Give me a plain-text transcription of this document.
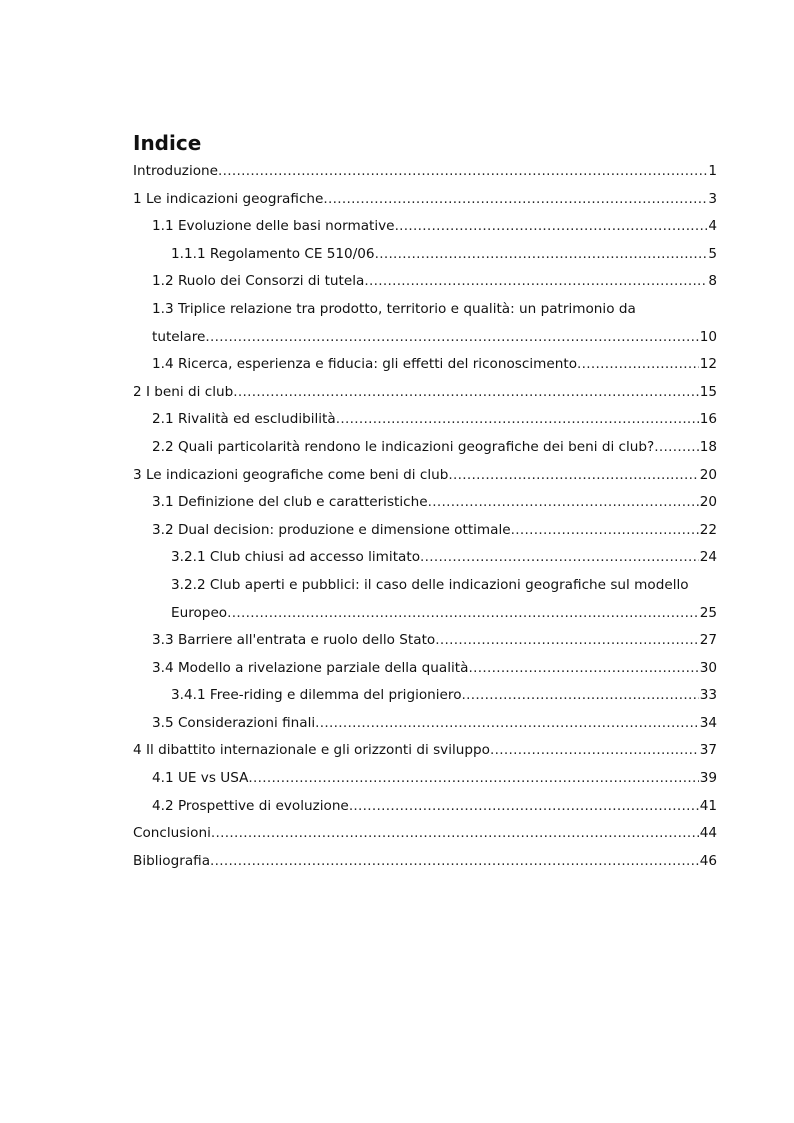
Indice
Introduzione .....	1
1 Le indicazioni geografiche .....	3
1.1 Evoluzione delle basi normative .....	4
1.1.1 Regolamento CE 510/06 .....	5
1.2 Ruolo dei Consorzi di tutela .....	8
1.3 Triplice relazione tra prodotto, territorio e qualità: un patrimonio da
tutelare .....	10
1.4 Ricerca, esperienza e fiducia: gli effetti del riconoscimento .....	12
2 I beni di club .....	15
2.1 Rivalità ed escludibilità .....	16
2.2 Quali particolarità rendono le indicazioni geografiche dei beni di club? .....	18
3 Le indicazioni geografiche come beni di club .....	20
3.1 Definizione del club e caratteristiche .....	20
3.2 Dual decision: produzione e dimensione ottimale .....	22
3.2.1 Club chiusi ad accesso limitato .....	24
3.2.2 Club aperti e pubblici: il caso delle indicazioni geografiche sul modello
Europeo .....	25
3.3 Barriere all'entrata e ruolo dello Stato .....	27
3.4 Modello a rivelazione parziale della qualità .....	30
3.4.1 Free-riding e dilemma del prigioniero .....	33
3.5 Considerazioni finali .....	34
4 Il dibattito internazionale e gli orizzonti di sviluppo .....	37
4.1 UE vs USA .....	39
4.2 Prospettive di evoluzione .....	41
Conclusioni .....	44
Bibliografia .....	46
